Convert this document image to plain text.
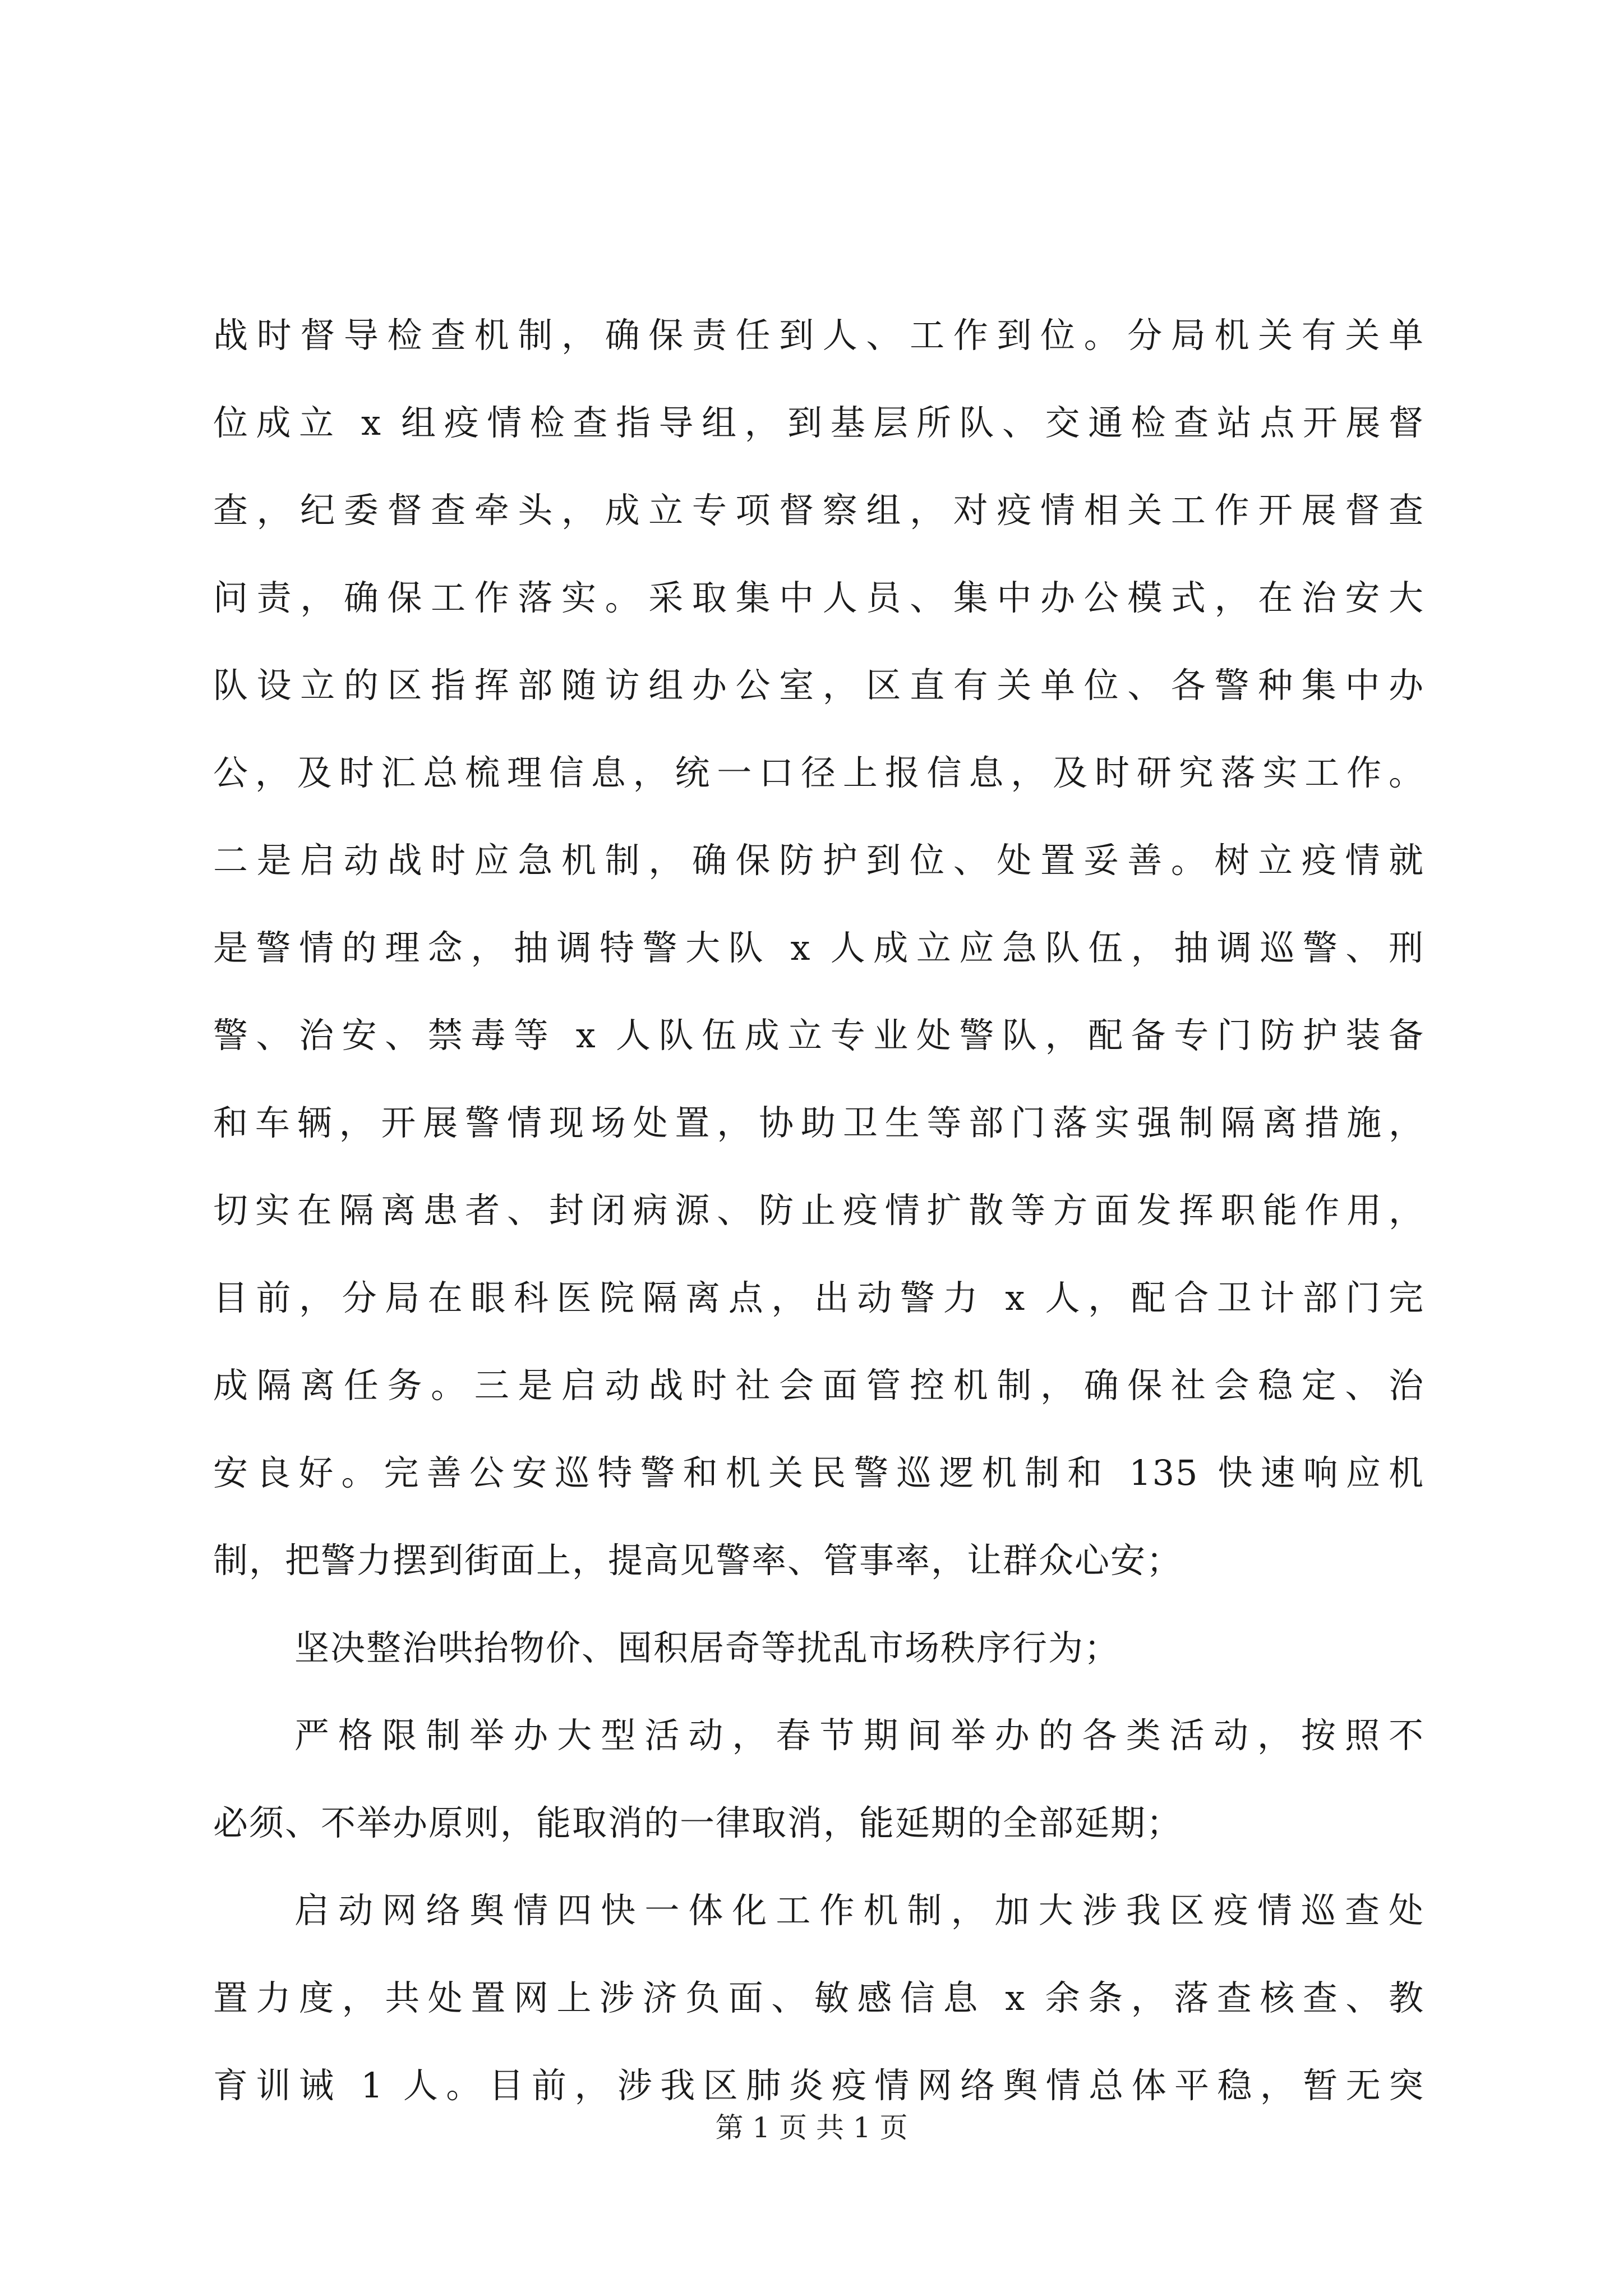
战时督导检查机制，确保责任到人、工作到位。分局机关有关单
位成立 x 组疫情检查指导组，到基层所队、交通检查站点开展督
查，纪委督查牵头，成立专项督察组，对疫情相关工作开展督查
问责，确保工作落实。采取集中人员、集中办公模式，在治安大
队设立的区指挥部随访组办公室，区直有关单位、各警种集中办
公，及时汇总梳理信息，统一口径上报信息，及时研究落实工作。
二是启动战时应急机制，确保防护到位、处置妥善。树立疫情就
是警情的理念，抽调特警大队 x 人成立应急队伍，抽调巡警、刑
警、治安、禁毒等 x 人队伍成立专业处警队，配备专门防护装备
和车辆，开展警情现场处置，协助卫生等部门落实强制隔离措施，
切实在隔离患者、封闭病源、防止疫情扩散等方面发挥职能作用，
目前，分局在眼科医院隔离点，出动警力 x 人，配合卫计部门完
成隔离任务。三是启动战时社会面管控机制，确保社会稳定、治
安良好。完善公安巡特警和机关民警巡逻机制和 135 快速响应机
制，把警力摆到街面上，提高见警率、管事率，让群众心安；
坚决整治哄抬物价、囤积居奇等扰乱市场秩序行为；
严格限制举办大型活动，春节期间举办的各类活动，按照不
必须、不举办原则，能取消的一律取消，能延期的全部延期；
启动网络舆情四快一体化工作机制，加大涉我区疫情巡查处
置力度，共处置网上涉济负面、敏感信息 x 余条，落查核查、教
育训诫 1 人。目前，涉我区肺炎疫情网络舆情总体平稳，暂无突
第 1 页 共 1 页
